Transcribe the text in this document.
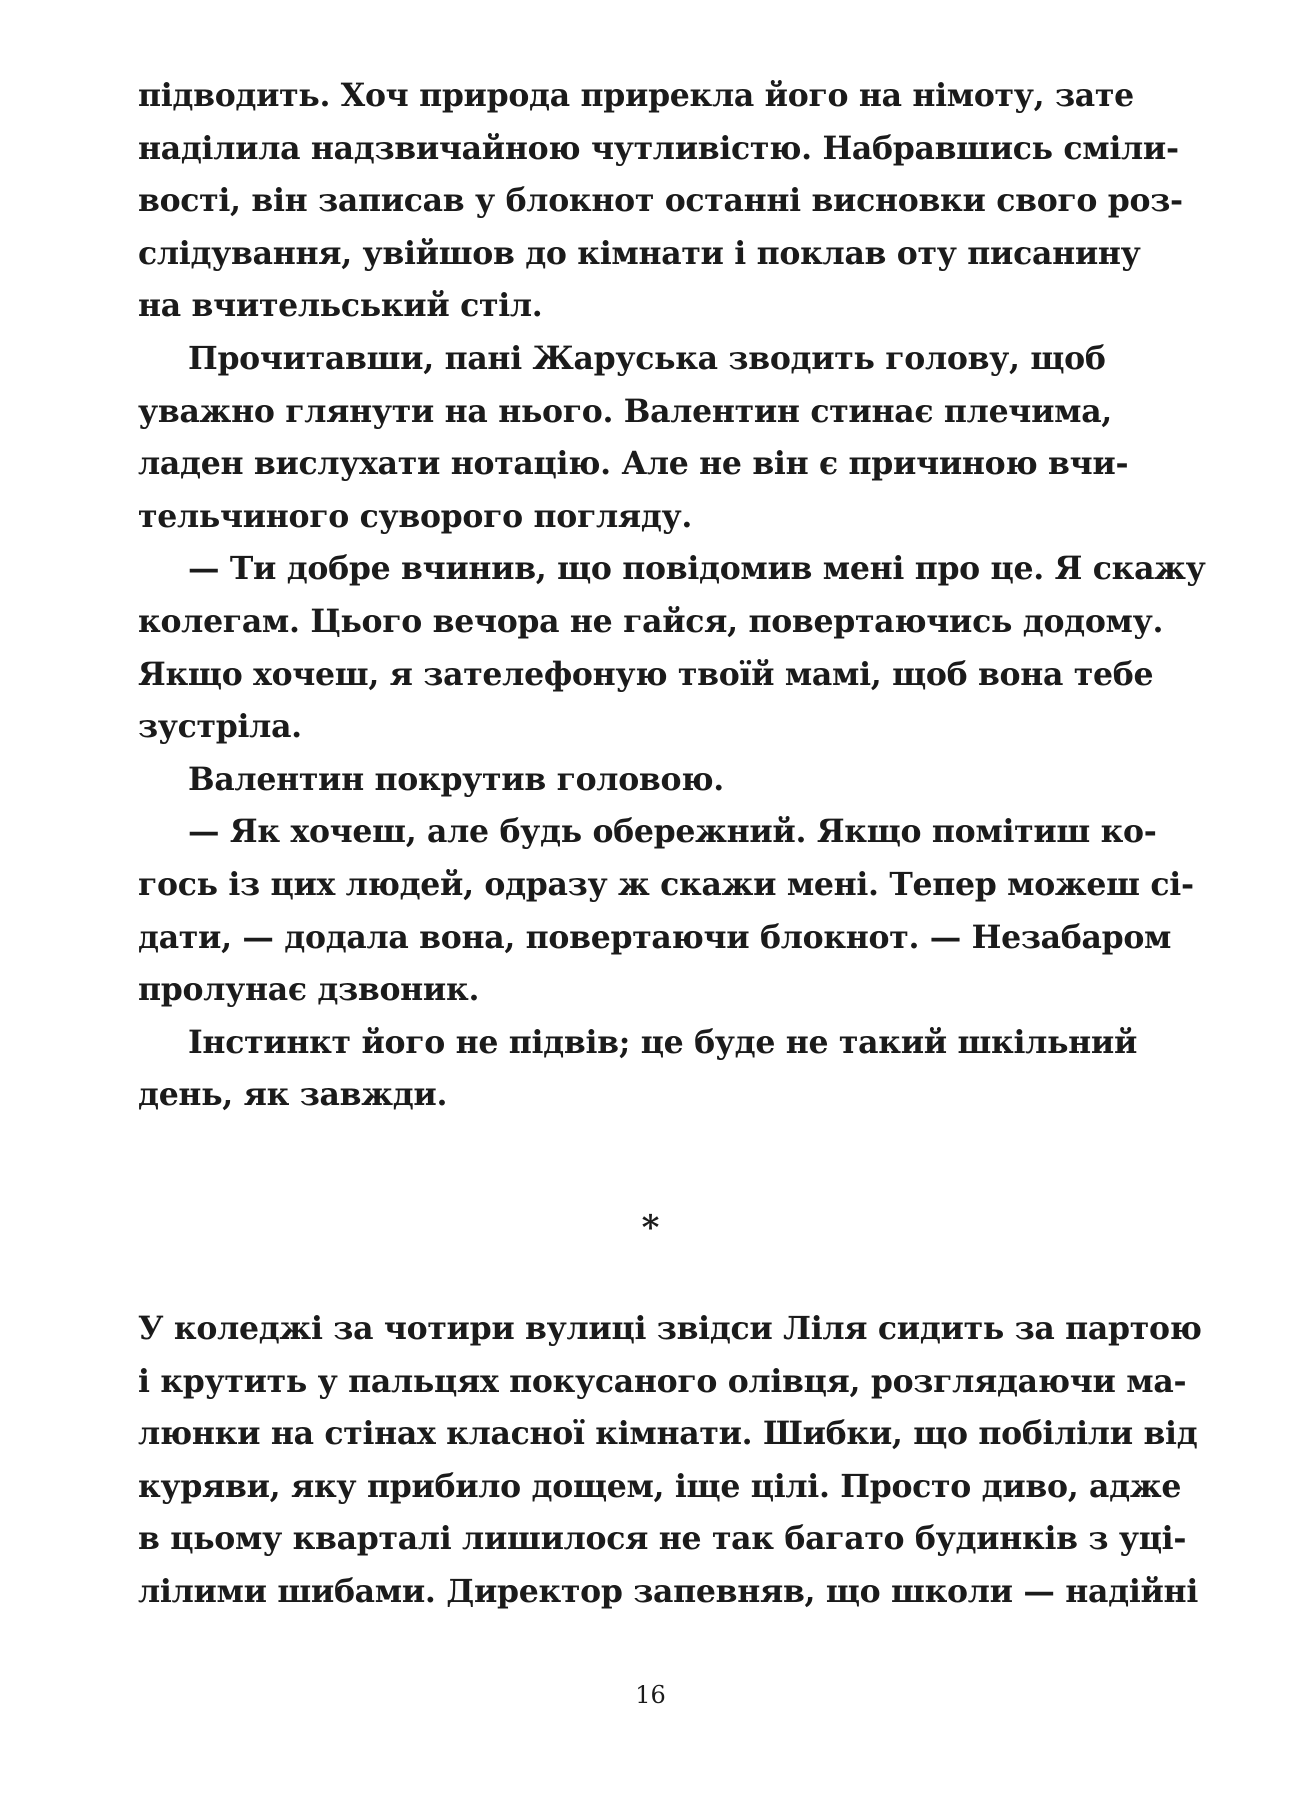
підводить. Хоч природа прирекла його на німоту, зате
наділила надзвичайною чутливістю. Набравшись сміли-
вості, він записав у блокнот останні висновки свого роз-
слідування, увійшов до кімнати і поклав оту писанину
на вчительський стіл.
Прочитавши, пані Жаруська зводить голову, щоб
уважно глянути на нього. Валентин стинає плечима,
ладен вислухати нотацію. Але не він є причиною вчи-
тельчиного суворого погляду.
— Ти добре вчинив, що повідомив мені про це. Я скажу
колегам. Цього вечора не гайся, повертаючись додому.
Якщо хочеш, я зателефоную твоїй мамі, щоб вона тебе
зустріла.
Валентин покрутив головою.
— Як хочеш, але будь обережний. Якщо помітиш ко-
гось із цих людей, одразу ж скажи мені. Тепер можеш сі-
дати, — додала вона, повертаючи блокнот. — Незабаром
пролунає дзвоник.
Інстинкт його не підвів; це буде не такий шкільний
день, як завжди.
*
У коледжі за чотири вулиці звідси Ліля сидить за партою
і крутить у пальцях покусаного олівця, розглядаючи ма-
люнки на стінах класної кімнати. Шибки, що побіліли від
куряви, яку прибило дощем, іще цілі. Просто диво, адже
в цьому кварталі лишилося не так багато будинків з уці-
лілими шибами. Директор запевняв, що школи — надійні
16
